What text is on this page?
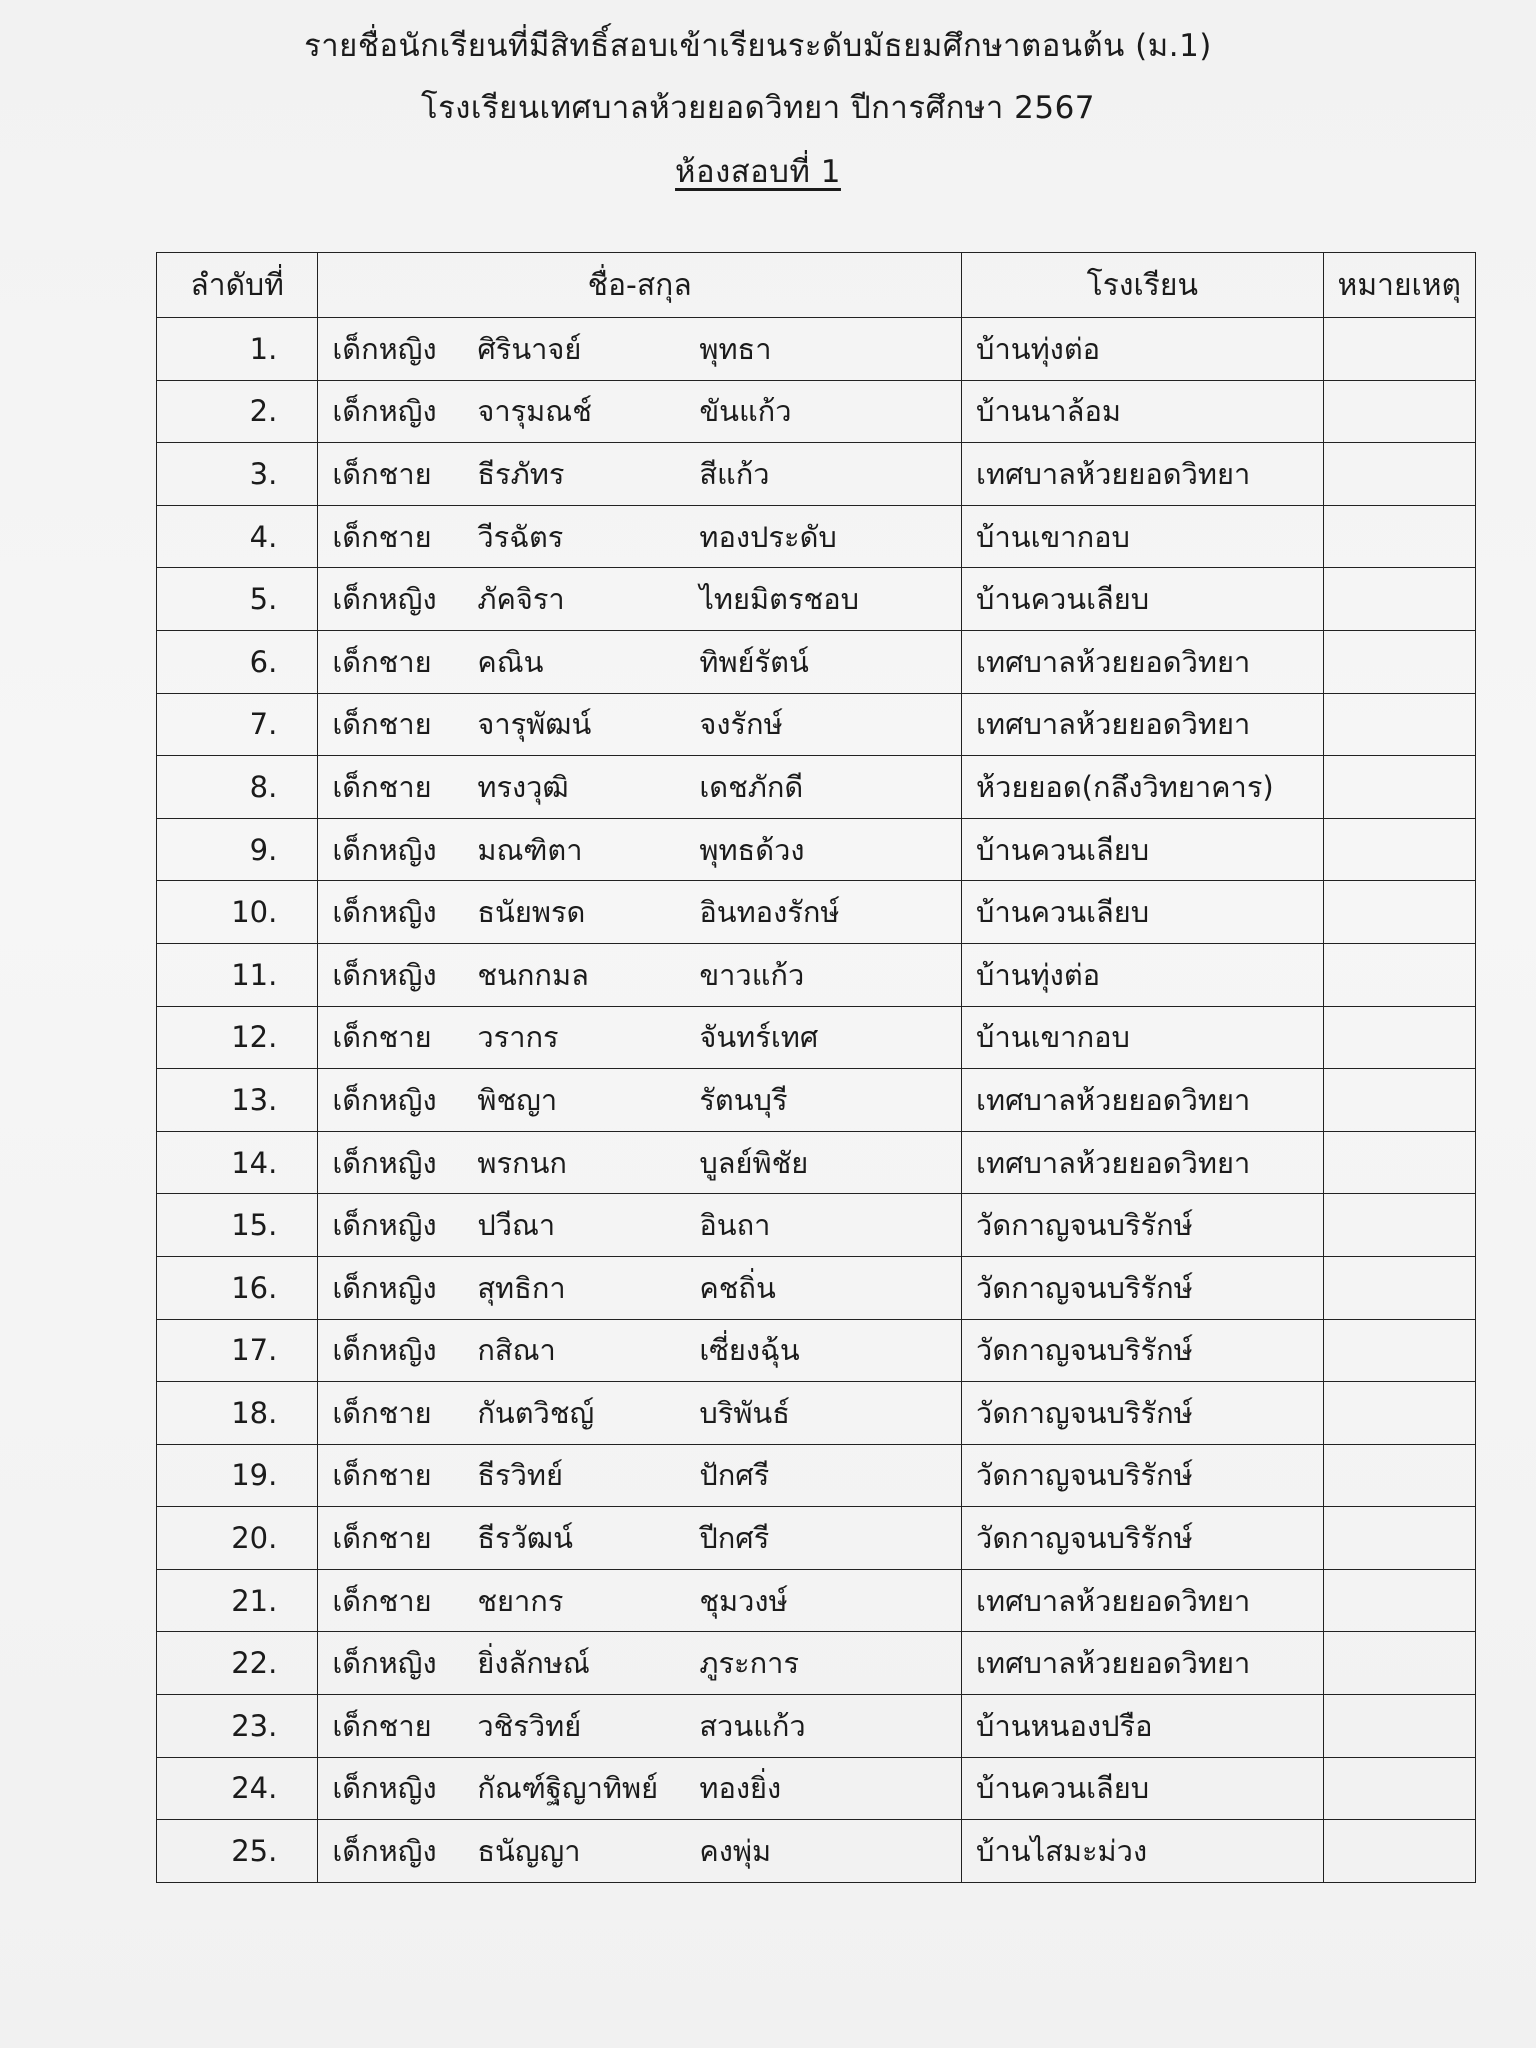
รายชื่อนักเรียนที่มีสิทธิ์สอบเข้าเรียนระดับมัธยมศึกษาตอนต้น (ม.1)
โรงเรียนเทศบาลห้วยยอดวิทยา ปีการศึกษา 2567
ห้องสอบที่ 1
ลำดับที่	ชื่อ-สกุล	โรงเรียน	หมายเหตุ
1.	เด็กหญิง ศิรินาจย์ พุทธา	บ้านทุ่งต่อ	
2.	เด็กหญิง จารุมณช์ ขันแก้ว	บ้านนาล้อม	
3.	เด็กชาย ธีรภัทร สีแก้ว	เทศบาลห้วยยอดวิทยา	
4.	เด็กชาย วีรฉัตร ทองประดับ	บ้านเขากอบ	
5.	เด็กหญิง ภัคจิรา ไทยมิตรชอบ	บ้านควนเลียบ	
6.	เด็กชาย คณิน ทิพย์รัตน์	เทศบาลห้วยยอดวิทยา	
7.	เด็กชาย จารุพัฒน์ จงรักษ์	เทศบาลห้วยยอดวิทยา	
8.	เด็กชาย ทรงวุฒิ เดชภักดี	ห้วยยอด(กลึงวิทยาคาร)	
9.	เด็กหญิง มณฑิตา พุทธด้วง	บ้านควนเลียบ	
10.	เด็กหญิง ธนัยพรด อินทองรักษ์	บ้านควนเลียบ	
11.	เด็กหญิง ชนกกมล ขาวแก้ว	บ้านทุ่งต่อ	
12.	เด็กชาย วรากร จันทร์เทศ	บ้านเขากอบ	
13.	เด็กหญิง พิชญา รัตนบุรี	เทศบาลห้วยยอดวิทยา	
14.	เด็กหญิง พรกนก บูลย์พิชัย	เทศบาลห้วยยอดวิทยา	
15.	เด็กหญิง ปวีณา อินถา	วัดกาญจนบริรักษ์	
16.	เด็กหญิง สุทธิกา คชถิ่น	วัดกาญจนบริรักษ์	
17.	เด็กหญิง กสิณา เซี่ยงฉุ้น	วัดกาญจนบริรักษ์	
18.	เด็กชาย กันตวิชญ์ บริพันธ์	วัดกาญจนบริรักษ์	
19.	เด็กชาย ธีรวิทย์ ปักศรี	วัดกาญจนบริรักษ์	
20.	เด็กชาย ธีรวัฒน์ ปีกศรี	วัดกาญจนบริรักษ์	
21.	เด็กชาย ชยากร ชุมวงษ์	เทศบาลห้วยยอดวิทยา	
22.	เด็กหญิง ยิ่งลักษณ์ ภูระการ	เทศบาลห้วยยอดวิทยา	
23.	เด็กชาย วชิรวิทย์ สวนแก้ว	บ้านหนองปรือ	
24.	เด็กหญิง กัณฑ์ฐิญาทิพย์ ทองยิ่ง	บ้านควนเลียบ	
25.	เด็กหญิง ธนัญญา คงพุ่ม	บ้านไสมะม่วง	
